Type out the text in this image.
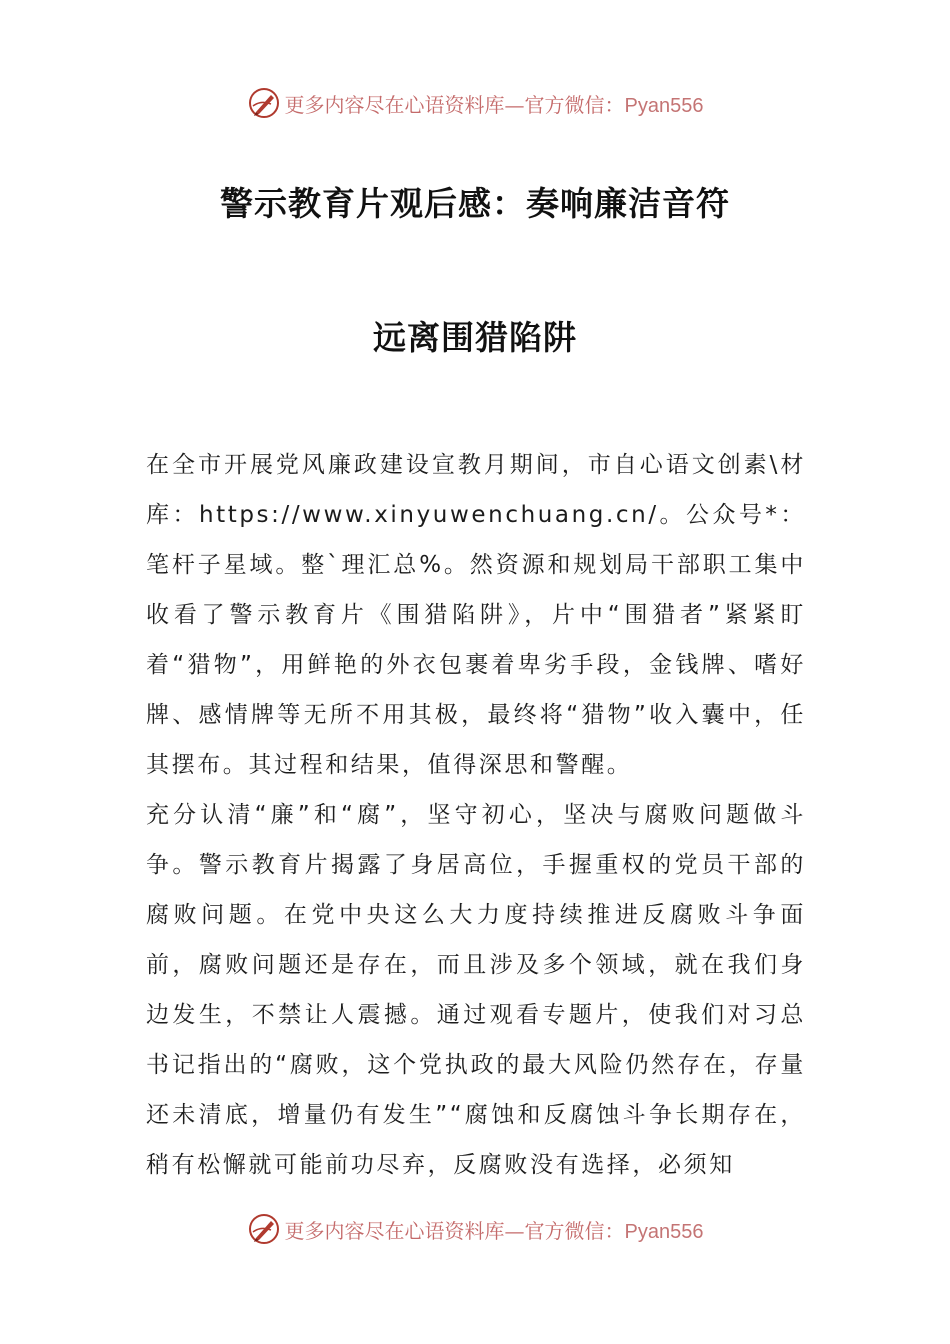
更多内容尽在心语资料库—官方微信：Pyan556
警示教育片观后感：奏响廉洁音符
远离围猎陷阱

在全市开展党风廉政建设宣教月期间，市自心语文创素\材库：https://www.xinyuwenchuang.cn/。公众号*：笔杆子星域。整`理汇总%。然资源和规划局干部职工集中收看了警示教育片《围猎陷阱》，片中“围猎者”紧紧盯着“猎物”，用鲜艳的外衣包裹着卑劣手段，金钱牌、嗜好牌、感情牌等无所不用其极，最终将“猎物”收入囊中，任其摆布。其过程和结果，值得深思和警醒。

充分认清“廉”和“腐”，坚守初心，坚决与腐败问题做斗争。警示教育片揭露了身居高位，手握重权的党员干部的腐败问题。在党中央这么大力度持续推进反腐败斗争面前，腐败问题还是存在，而且涉及多个领域，就在我们身边发生，不禁让人震撼。通过观看专题片，使我们对习总书记指出的“腐败，这个党执政的最大风险仍然存在，存量还未清底，增量仍有发生”“腐蚀和反腐蚀斗争长期存在，稍有松懈就可能前功尽弃，反腐败没有选择，必须知

更多内容尽在心语资料库—官方微信：Pyan556
